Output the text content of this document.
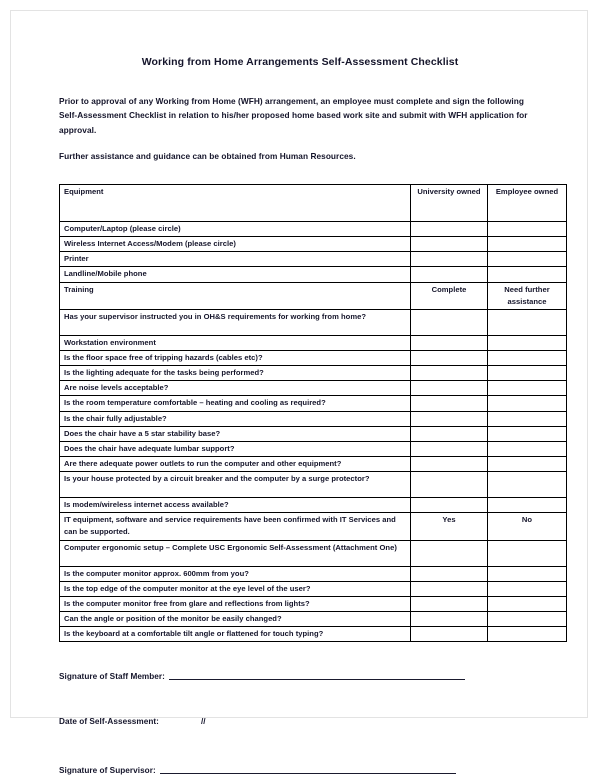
Working from Home Arrangements Self-Assessment Checklist

Prior to approval of any Working from Home (WFH) arrangement, an employee must complete and sign the following Self-Assessment Checklist in relation to his/her proposed home based work site and submit with WFH application for approval.

Further assistance and guidance can be obtained from Human Resources.

Equipment	University owned	Employee owned
Computer/Laptop (please circle)		
Wireless Internet Access/Modem (please circle)		
Printer		
Landline/Mobile phone		
Training	Complete	Need further assistance
Has your supervisor instructed you in OH&S requirements for working from home?		
Workstation environment		
Is the floor space free of tripping hazards (cables etc)?		
Is the lighting adequate for the tasks being performed?		
Are noise levels acceptable?		
Is the room temperature comfortable – heating and cooling as required?		
Is the chair fully adjustable?		
Does the chair have a 5 star stability base?		
Does the chair have adequate lumbar support?		
Are there adequate power outlets to run the computer and other equipment?		
Is your house protected by a circuit breaker and the computer by a surge protector?		
Is modem/wireless internet access available?		
IT equipment, software and service requirements have been confirmed with IT Services and can be supported.	Yes	No
Computer ergonomic setup – Complete USC Ergonomic Self-Assessment (Attachment One)		
Is the computer monitor approx. 600mm from you?		
Is the top edge of the computer monitor at the eye level of the user?		
Is the computer monitor free from glare and reflections from lights?		
Can the angle or position of the monitor be easily changed?		
Is the keyboard at a comfortable tilt angle or flattened for touch typing?		
Signature of Staff Member:
Date of Self-Assessment:	//
Signature of Supervisor:
